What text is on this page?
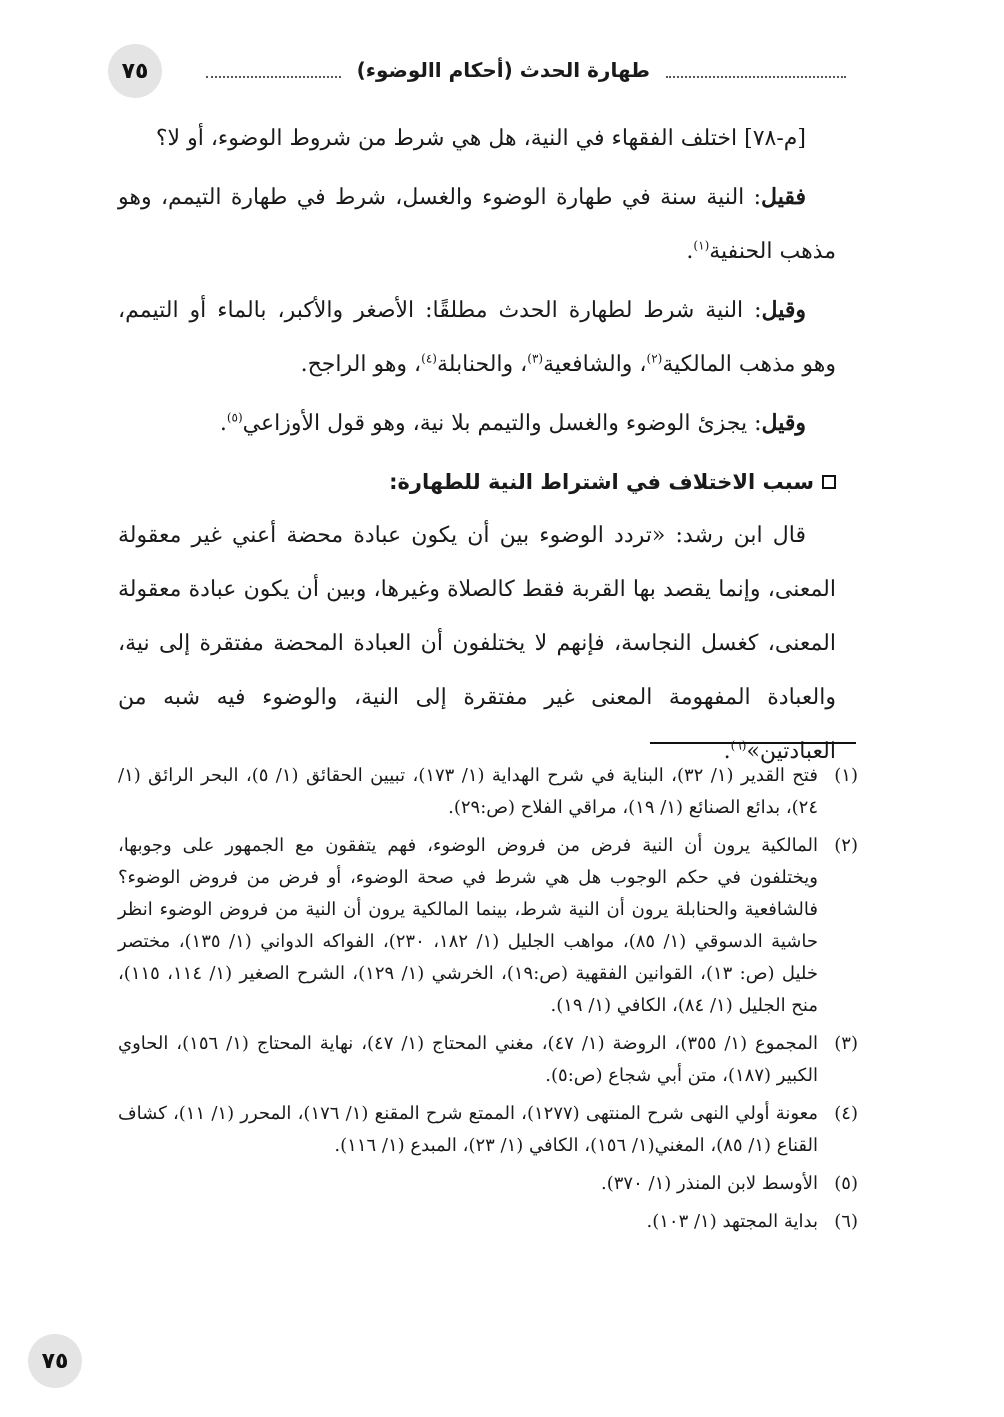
٧٥	طهارة الحدث (أحكام االوضوء)

[م-٧٨] اختلف الفقهاء في النية، هل هي شرط من شروط الوضوء، أو لا؟

فقيل: النية سنة في طهارة الوضوء والغسل، شرط في طهارة التيمم، وهو مذهب الحنفية$^{(١)}$.

وقيل: النية شرط لطهارة الحدث مطلقًا: الأصغر والأكبر، بالماء أو التيمم، وهو مذهب المالكية$^{(٢)}$، والشافعية$^{(٣)}$، والحنابلة$^{(٤)}$، وهو الراجح.

وقيل: يجزئ الوضوء والغسل والتيمم بلا نية، وهو قول الأوزاعي$^{(٥)}$.

سبب الاختلاف في اشتراط النية للطهارة:

قال ابن رشد: «تردد الوضوء بين أن يكون عبادة محضة أعني غير معقولة المعنى، وإنما يقصد بها القربة فقط كالصلاة وغيرها، وبين أن يكون عبادة معقولة المعنى، كغسل النجاسة، فإنهم لا يختلفون أن العبادة المحضة مفتقرة إلى نية، والعبادة المفهومة المعنى غير مفتقرة إلى النية، والوضوء فيه شبه من العبادتين»$^{(٦)}$.

(١)
فتح القدير (١/ ٣٢)، البناية في شرح الهداية (١/ ١٧٣)، تبيين الحقائق (١/ ٥)، البحر الرائق (١/ ٢٤)، بدائع الصنائع (١/ ١٩)، مراقي الفلاح (ص:٢٩).
(٢)
المالكية يرون أن النية فرض من فروض الوضوء، فهم يتفقون مع الجمهور على وجوبها، ويختلفون في حكم الوجوب هل هي شرط في صحة الوضوء، أو فرض من فروض الوضوء؟ فالشافعية والحنابلة يرون أن النية شرط، بينما المالكية يرون أن النية من فروض الوضوء انظر حاشية الدسوقي (١/ ٨٥)، مواهب الجليل (١/ ١٨٢، ٢٣٠)، الفواكه الدواني (١/ ١٣٥)، مختصر خليل (ص: ١٣)، القوانين الفقهية (ص:١٩)، الخرشي (١/ ١٢٩)، الشرح الصغير (١/ ١١٤، ١١٥)، منح الجليل (١/ ٨٤)، الكافي (١/ ١٩).
(٣)
المجموع (١/ ٣٥٥)، الروضة (١/ ٤٧)، مغني المحتاج (١/ ٤٧)، نهاية المحتاج (١/ ١٥٦)، الحاوي الكبير (١٨٧)، متن أبي شجاع (ص:٥).
(٤)
معونة أولي النهى شرح المنتهى (١٢٧٧)، الممتع شرح المقنع (١/ ١٧٦)، المحرر (١/ ١١)، كشاف القناع (١/ ٨٥)، المغني(١/ ١٥٦)، الكافي (١/ ٢٣)، المبدع (١/ ١١٦).
(٥)
الأوسط لابن المنذر (١/ ٣٧٠).
(٦)
بداية المجتهد (١/ ١٠٣).
٧٥
